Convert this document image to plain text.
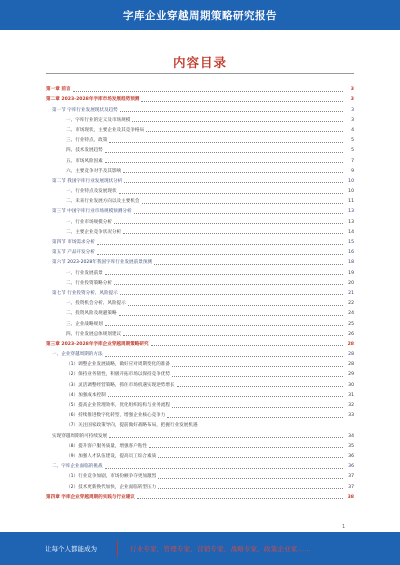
字库企业穿越周期策略研究报告
内容目录
第一章 前言	3
第二章 2023-2028年字库市场发展趋势预测	3
第一节 字库行业发展现状及趋势	3
一、字库行业的定义及市场规模	3
二、市场现状，主要企业及其竞争格局	4
三、行业特点、政策	5
四、技术发展趋势	5
五、市场风险因素	7
六、主要竞争对手及其影响	9
第二节 我国字库行业发展现状分析	10
一、行业特点及发展现状	10
二、未来行业发展方向以及主要机会	11
第三节 中国字库行业市场规模预测分析	13
一、行业市场规模分析	13
二、主要企业竞争状况分析	14
第四节 市场需求分析	15
第五节 产品开发分析	16
第六节 2023-2028年我国字库行业发展前景预测	18
一、行业发展前景	19
二、行业投资策略分析	20
第七节 行业投资分析、风险提示	21
一、投资机会分析、风险提示	22
二、投资风险及规避策略	24
三、企业战略规划	25
四、行业发展总体规划建议	26
第三章 2023-2028年字库企业穿越周期策略研究	28
一、企业穿越周期的方法	28
（1）调整企业发展战略，做好应对周期变化的准备	28
（2）保持业务韧性，积极开拓市场以保持竞争优势	29
（3）灵活调整经营策略，抓住市场机遇实现逆势增长	30
（4）加强成本控制	31
（5）提高企业管理效率，优化组织结构与业务流程	32
（6）持续推进数字化转型，增强企业核心竞争力	33
（7）关注国家政策导向，提前做好战略布局，把握行业发展机遇
实现穿越周期的可持续发展	34
（8）提升客户服务质量，增强客户粘性	35
（9）加强人才队伍建设，提高员工综合素质	36
二、字库企业面临的挑战	36
（1）行业竞争加剧，市场份额争夺更加激烈	37
（2）技术更新换代加快，企业面临转型压力	37
第四章 字库企业穿越周期的实践与行业建议	38
1
让每个人都能成为	行业专家，管理专家，营销专家，战略专家，政策企业家……
